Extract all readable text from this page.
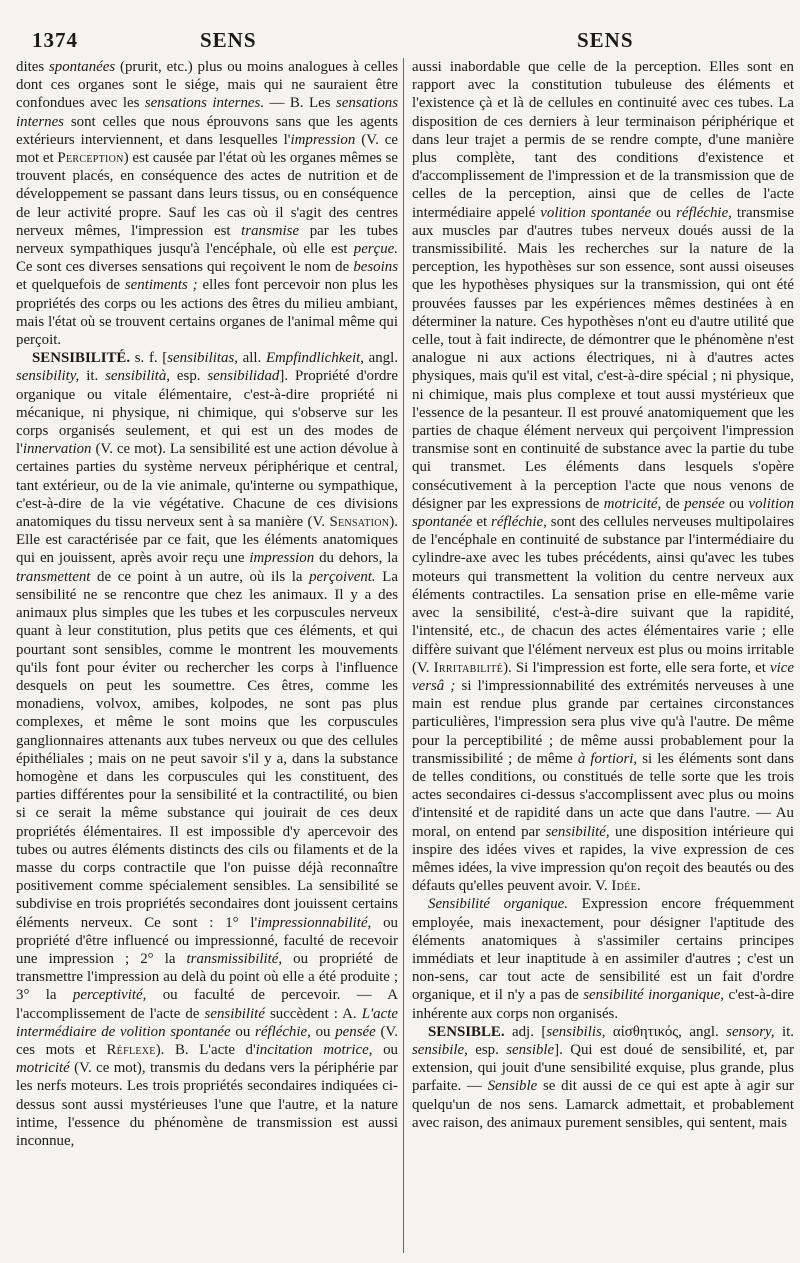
1374	SENS	SENS

dites spontanées (prurit, etc.) plus ou moins analogues à celles dont ces organes sont le siége, mais qui ne sauraient être confondues avec les sensations internes. — B. Les sensations internes sont celles que nous éprouvons sans que les agents extérieurs interviennent, et dans lesquelles l'impression (V. ce mot et Perception) est causée par l'état où les organes mêmes se trouvent placés, en conséquence des actes de nutrition et de développement se passant dans leurs tissus, ou en conséquence de leur activité propre. Sauf les cas où il s'agit des centres nerveux mêmes, l'impression est transmise par les tubes nerveux sympathiques jusqu'à l'encéphale, où elle est perçue. Ce sont ces diverses sensations qui reçoivent le nom de besoins et quelquefois de sentiments ; elles font percevoir non plus les propriétés des corps ou les actions des êtres du milieu ambiant, mais l'état où se trouvent certains organes de l'animal même qui perçoit.

SENSIBILITÉ. s. f. [sensibilitas, all. Empfindlichkeit, angl. sensibility, it. sensibilità, esp. sensibilidad]. Propriété d'ordre organique ou vitale élémentaire, c'est-à-dire propriété ni mécanique, ni physique, ni chimique, qui s'observe sur les corps organisés seulement, et qui est un des modes de l'innervation (V. ce mot). La sensibilité est une action dévolue à certaines parties du système nerveux périphérique et central, tant extérieur, ou de la vie animale, qu'interne ou sympathique, c'est-à-dire de la vie végétative. Chacune de ces divisions anatomiques du tissu nerveux sent à sa manière (V. Sensation). Elle est caractérisée par ce fait, que les éléments anatomiques qui en jouissent, après avoir reçu une impression du dehors, la transmettent de ce point à un autre, où ils la perçoivent. La sensibilité ne se rencontre que chez les animaux. Il y a des animaux plus simples que les tubes et les corpuscules nerveux quant à leur constitution, plus petits que ces éléments, et qui pourtant sont sensibles, comme le montrent les mouvements qu'ils font pour éviter ou rechercher les corps à l'influence desquels on peut les soumettre. Ces êtres, comme les monadiens, volvox, amibes, kolpodes, ne sont pas plus complexes, et même le sont moins que les corpuscules ganglionnaires attenants aux tubes nerveux ou que des cellules épithéliales ; mais on ne peut savoir s'il y a, dans la substance homogène et dans les corpuscules qui les constituent, des parties différentes pour la sensibilité et la contractilité, ou bien si ce serait la même substance qui jouirait de ces deux propriétés élémentaires. Il est impossible d'y apercevoir des tubes ou autres éléments distincts des cils ou filaments et de la masse du corps contractile que l'on puisse déjà reconnaître positivement comme spécialement sensibles. La sensibilité se subdivise en trois propriétés secondaires dont jouissent certains éléments nerveux. Ce sont : 1° l'impressionnabilité, ou propriété d'être influencé ou impressionné, faculté de recevoir une impression ; 2° la transmissibilité, ou propriété de transmettre l'impression au delà du point où elle a été produite ; 3° la perceptivité, ou faculté de percevoir. — A l'accomplissement de l'acte de sensibilité succèdent : A. L'acte intermédiaire de volition spontanée ou réfléchie, ou pensée (V. ces mots et Réflexe). B. L'acte d'incitation motrice, ou motricité (V. ce mot), transmis du dedans vers la périphérie par les nerfs moteurs. Les trois propriétés secondaires indiquées ci-dessus sont aussi mystérieuses l'une que l'autre, et la nature intime, l'essence du phénomène de transmission est aussi inconnue,

aussi inabordable que celle de la perception. Elles sont en rapport avec la constitution tubuleuse des éléments et l'existence çà et là de cellules en continuité avec ces tubes. La disposition de ces derniers à leur terminaison périphérique et dans leur trajet a permis de se rendre compte, d'une manière plus complète, tant des conditions d'existence et d'accomplissement de l'impression et de la transmission que de celles de la perception, ainsi que de celles de l'acte intermédiaire appelé volition spontanée ou réfléchie, transmise aux muscles par d'autres tubes nerveux doués aussi de la transmissibilité. Mais les recherches sur la nature de la perception, les hypothèses sur son essence, sont aussi oiseuses que les hypothèses physiques sur la transmission, qui ont été prouvées fausses par les expériences mêmes destinées à en déterminer la nature. Ces hypothèses n'ont eu d'autre utilité que celle, tout à fait indirecte, de démontrer que le phénomène n'est analogue ni aux actions électriques, ni à d'autres actes physiques, mais qu'il est vital, c'est-à-dire spécial ; ni physique, ni chimique, mais plus complexe et tout aussi mystérieux que l'essence de la pesanteur. Il est prouvé anatomiquement que les parties de chaque élément nerveux qui perçoivent l'impression transmise sont en continuité de substance avec la partie du tube qui transmet. Les éléments dans lesquels s'opère consécutivement à la perception l'acte que nous venons de désigner par les expressions de motricité, de pensée ou volition spontanée et réfléchie, sont des cellules nerveuses multipolaires de l'encéphale en continuité de substance par l'intermédiaire du cylindre-axe avec les tubes précédents, ainsi qu'avec les tubes moteurs qui transmettent la volition du centre nerveux aux éléments contractiles. La sensation prise en elle-même varie avec la sensibilité, c'est-à-dire suivant que la rapidité, l'intensité, etc., de chacun des actes élémentaires varie ; elle diffère suivant que l'élément nerveux est plus ou moins irritable (V. Irritabilité). Si l'impression est forte, elle sera forte, et vice versâ ; si l'impressionnabilité des extrémités nerveuses à une main est rendue plus grande par certaines circonstances particulières, l'impression sera plus vive qu'à l'autre. De même pour la perceptibilité ; de même aussi probablement pour la transmissibilité ; de même à fortiori, si les éléments sont dans de telles conditions, ou constitués de telle sorte que les trois actes secondaires ci-dessus s'accomplissent avec plus ou moins d'intensité et de rapidité dans un acte que dans l'autre. — Au moral, on entend par sensibilité, une disposition intérieure qui inspire des idées vives et rapides, la vive expression de ces mêmes idées, la vive impression qu'on reçoit des beautés ou des défauts qu'elles peuvent avoir. V. Idée.

Sensibilité organique. Expression encore fréquemment employée, mais inexactement, pour désigner l'aptitude des éléments anatomiques à s'assimiler certains principes immédiats et leur inaptitude à en assimiler d'autres ; c'est un non-sens, car tout acte de sensibilité est un fait d'ordre organique, et il n'y a pas de sensibilité inorganique, c'est-à-dire inhérente aux corps non organisés.

SENSIBLE. adj. [sensibilis, αἰσθητικός, angl. sensory, it. sensibile, esp. sensible]. Qui est doué de sensibilité, et, par extension, qui jouit d'une sensibilité exquise, plus grande, plus parfaite. — Sensible se dit aussi de ce qui est apte à agir sur quelqu'un de nos sens. Lamarck admettait, et probablement avec raison, des animaux purement sensibles, qui sentent, mais
